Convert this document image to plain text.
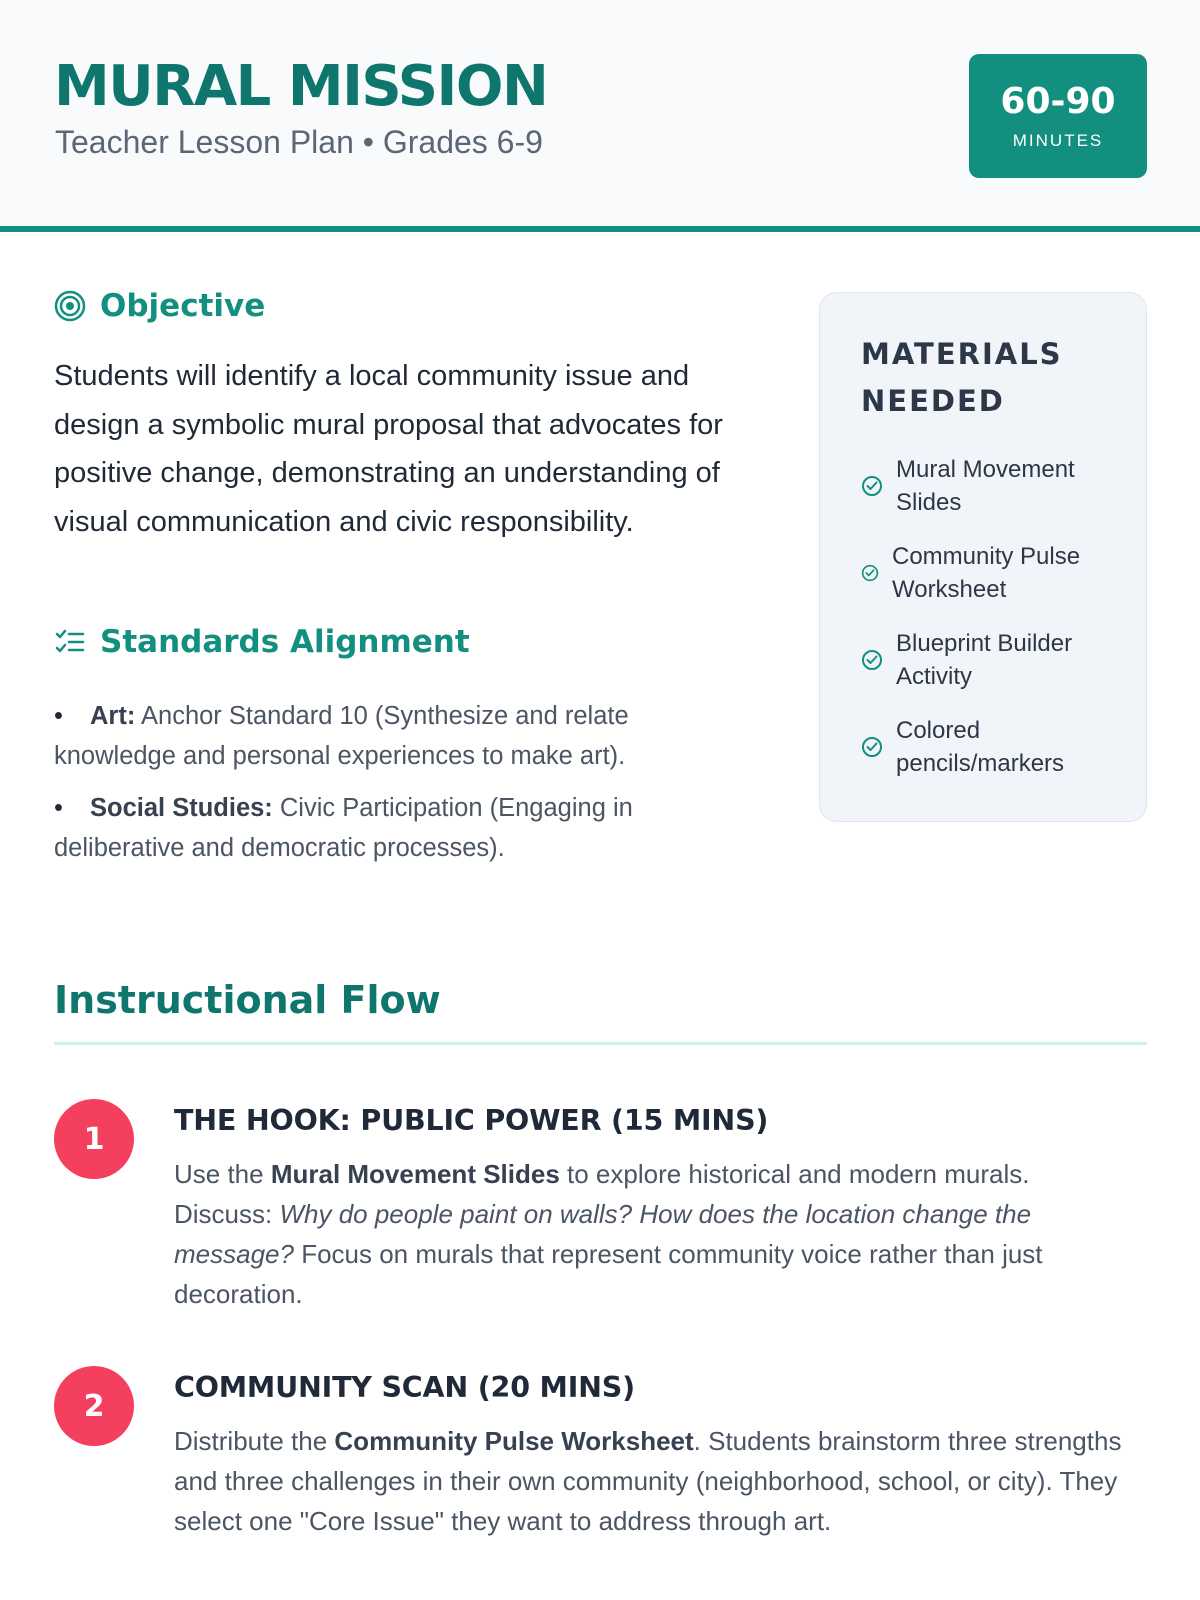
MURAL MISSION
Teacher Lesson Plan • Grades 6-9
60-90
MINUTES
Objective

Students will identify a local community issue and design a symbolic mural proposal that advocates for positive change, demonstrating an understanding of visual communication and civic responsibility.

Standards Alignment
• Art: Anchor Standard 10 (Synthesize and relate knowledge and personal experiences to make art).
• Social Studies: Civic Participation (Engaging in deliberative and democratic processes).
MATERIALS NEEDED
Mural Movement Slides
Community Pulse Worksheet
Blueprint Builder Activity
Colored pencils/markers
Instructional Flow
1
THE HOOK: PUBLIC POWER (15 MINS)

Use the Mural Movement Slides to explore historical and modern murals. Discuss: Why do people paint on walls? How does the location change the message? Focus on murals that represent community voice rather than just decoration.

2
COMMUNITY SCAN (20 MINS)

Distribute the Community Pulse Worksheet. Students brainstorm three strengths and three challenges in their own community (neighborhood, school, or city). They select one "Core Issue" they want to address through art.
